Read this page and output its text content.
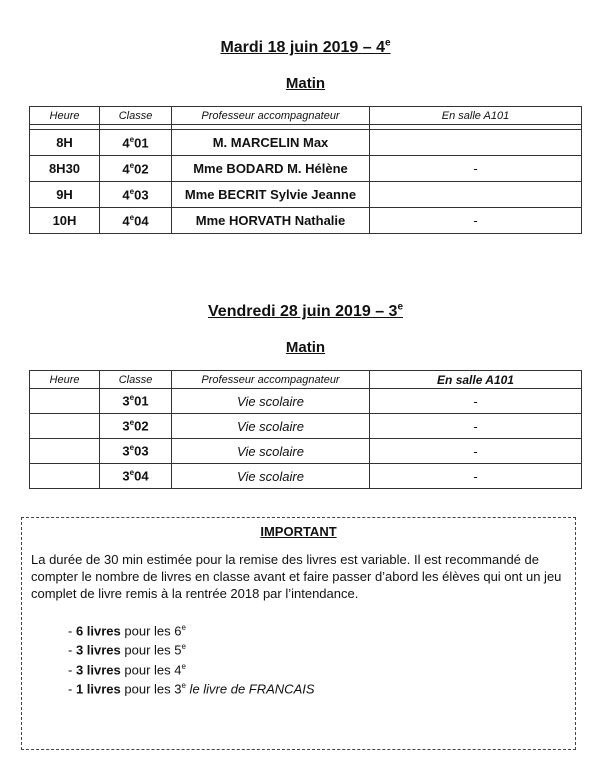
Mardi 18 juin 2019 – 4e
Matin
Heure	Classe	Professeur accompagnateur	En salle A101

8H	4e01	M. MARCELIN Max	
8H30	4e02	Mme BODARD M. Hélène	-
9H	4e03	Mme BECRIT Sylvie Jeanne	
10H	4e04	Mme HORVATH Nathalie	-
Vendredi 28 juin 2019 – 3e
Matin
Heure	Classe	Professeur accompagnateur	En salle A101
	3e01	Vie scolaire	-
	3e02	Vie scolaire	-
	3e03	Vie scolaire	-
	3e04	Vie scolaire	-
IMPORTANT
La durée de 30 min estimée pour la remise des livres est variable. Il est recommandé de compter le nombre de livres en classe avant et faire passer d’abord les élèves qui ont un jeu complet de livre remis à la rentrée 2018 par l’intendance.
- 6 livres pour les 6e
- 3 livres pour les 5e
- 3 livres pour les 4e
- 1 livres pour les 3e le livre de FRANCAIS
